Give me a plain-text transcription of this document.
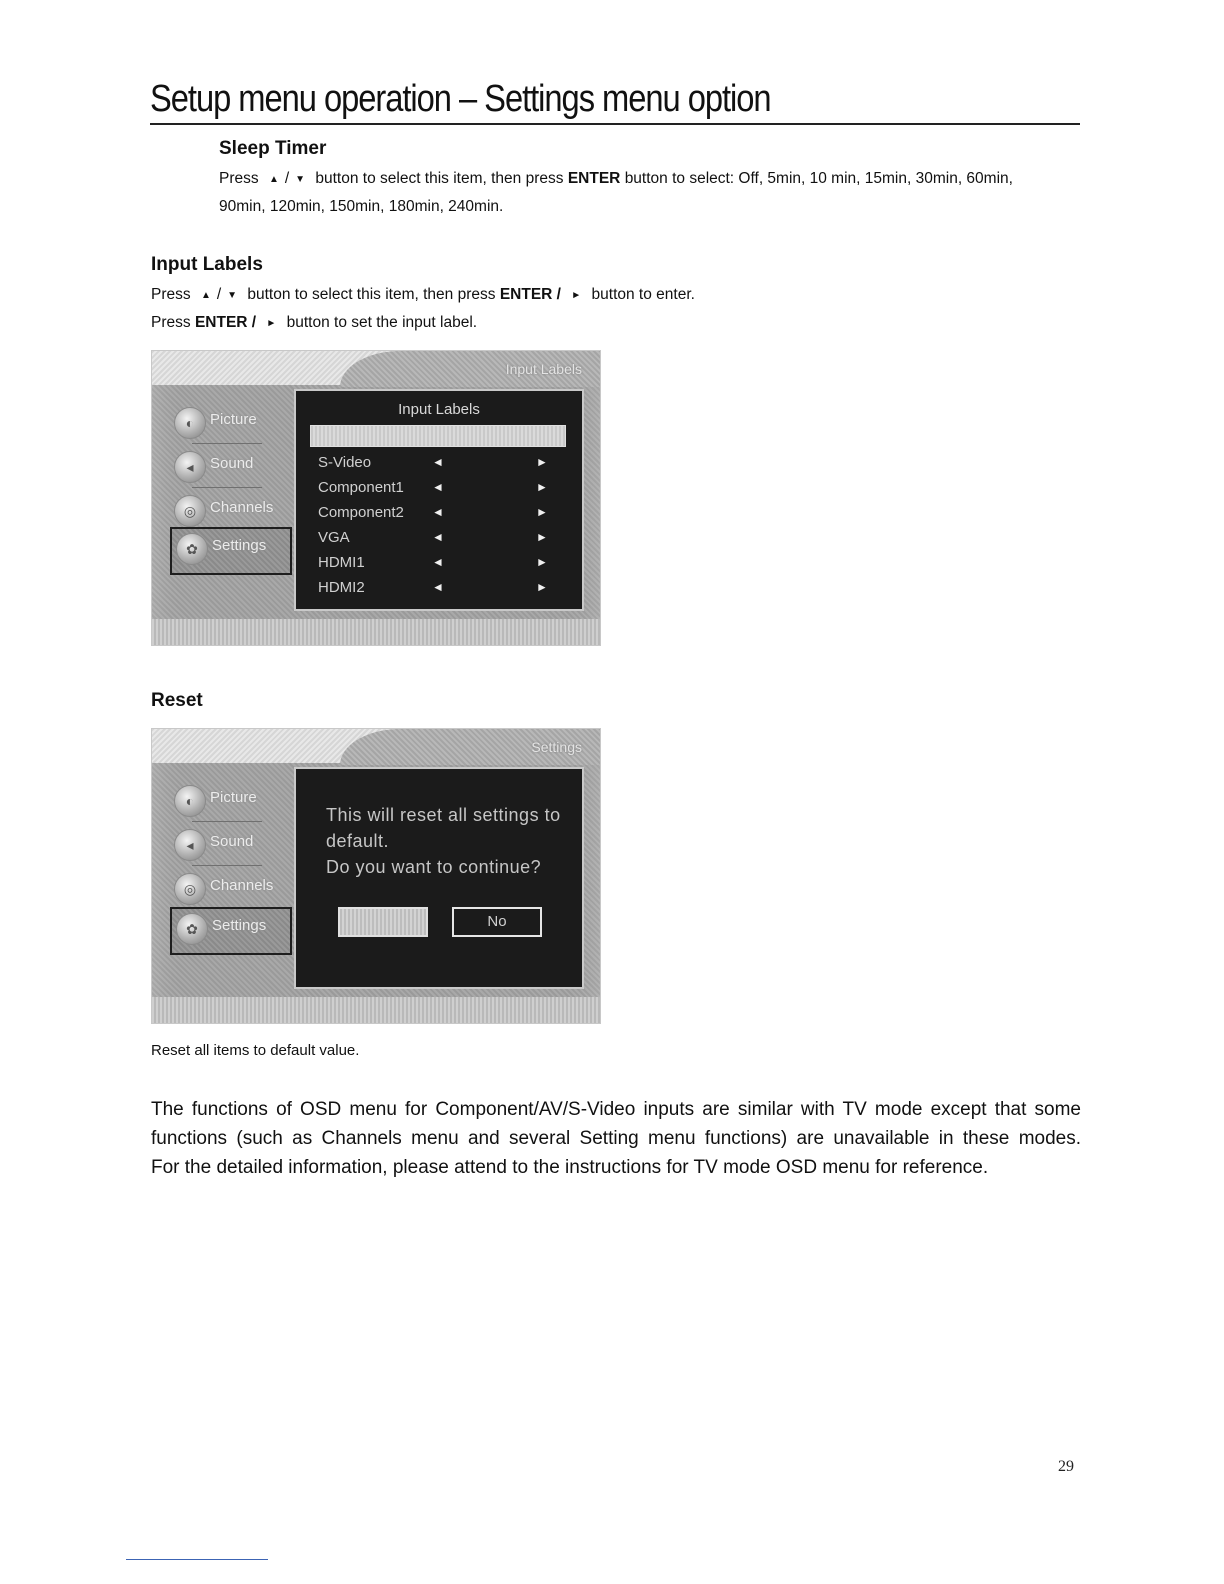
Setup menu operation – Settings menu option
Sleep Timer
Press ▲ / ▼ button to select this item, then press ENTER button to select: Off, 5min, 10 min, 15min, 30min, 60min,
90min, 120min, 150min, 180min, 240min.
Input Labels
Press ▲ / ▼ button to select this item, then press ENTER / ► button to enter.
Press ENTER / ► button to set the input label.
Input Labels
◐	Picture
◂	Sound
◎ Channels
✿ Settings
Input Labels
S-Video	◄	►
Component1 ◄	►
Component2 ◄	►
VGA	◄	►
HDMI1	◄	►
HDMI2	◄	►
Reset
Settings
◐	Picture
◂	Sound
◎ Channels
✿ Settings
This will reset all settings to
default.
Do you want to continue?
No
Reset all items to default value.
The functions of OSD menu for Component/AV/S-Video inputs are similar with TV mode except that some
functions (such as Channels menu and several Setting menu functions) are unavailable in these modes.
For the detailed information, please attend to the instructions for TV mode OSD menu for reference.
29
